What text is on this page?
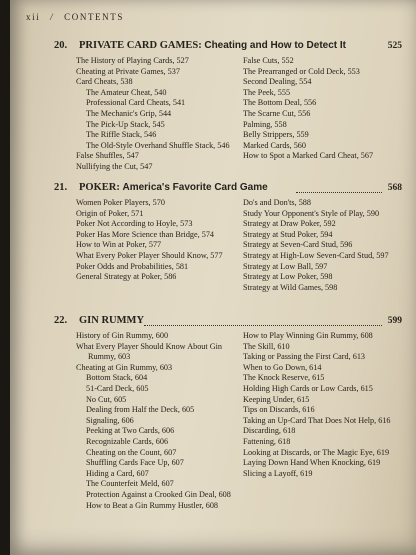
xii / CONTENTS
20. PRIVATE CARD GAMES: Cheating and How to Detect It	525
The History of Playing Cards, 527
Cheating at Private Games, 537
Card Cheats, 538
The Amateur Cheat, 540
Professional Card Cheats, 541
The Mechanic's Grip, 544
The Pick-Up Stack, 545
The Riffle Stack, 546
The Old-Style Overhand Shuffle Stack, 546
False Shuffles, 547
Nullifying the Cut, 547
False Cuts, 552
The Prearranged or Cold Deck, 553
Second Dealing, 554
The Peek, 555
The Bottom Deal, 556
The Scarne Cut, 556
Palming, 558
Belly Strippers, 559
Marked Cards, 560
How to Spot a Marked Card Cheat, 567
21. POKER: America's Favorite Card Game	568
Women Poker Players, 570
Origin of Poker, 571
Poker Not According to Hoyle, 573
Poker Has More Science than Bridge, 574
How to Win at Poker, 577
What Every Poker Player Should Know, 577
Poker Odds and Probabilities, 581
General Strategy at Poker, 586
Do's and Don'ts, 588
Study Your Opponent's Style of Play, 590
Strategy at Draw Poker, 592
Strategy at Stud Poker, 594
Strategy at Seven-Card Stud, 596
Strategy at High-Low Seven-Card Stud, 597
Strategy at Low Ball, 597
Strategy at Low Poker, 598
Strategy at Wild Games, 598
22. GIN RUMMY	599
History of Gin Rummy, 600
What Every Player Should Know About Gin Rummy, 603
Cheating at Gin Rummy, 603
Bottom Stack, 604
51-Card Deck, 605
No Cut, 605
Dealing from Half the Deck, 605
Signaling, 606
Peeking at Two Cards, 606
Recognizable Cards, 606
Cheating on the Count, 607
Shuffling Cards Face Up, 607
Hiding a Card, 607
The Counterfeit Meld, 607
Protection Against a Crooked Gin Deal, 608
How to Beat a Gin Rummy Hustler, 608
How to Play Winning Gin Rummy, 608
The Skill, 610
Taking or Passing the First Card, 613
When to Go Down, 614
The Knock Reserve, 615
Holding High Cards or Low Cards, 615
Keeping Under, 615
Tips on Discards, 616
Taking an Up-Card That Does Not Help, 616
Discarding, 618
Fattening, 618
Looking at Discards, or The Magic Eye, 619
Laying Down Hand When Knocking, 619
Slicing a Layoff, 619
